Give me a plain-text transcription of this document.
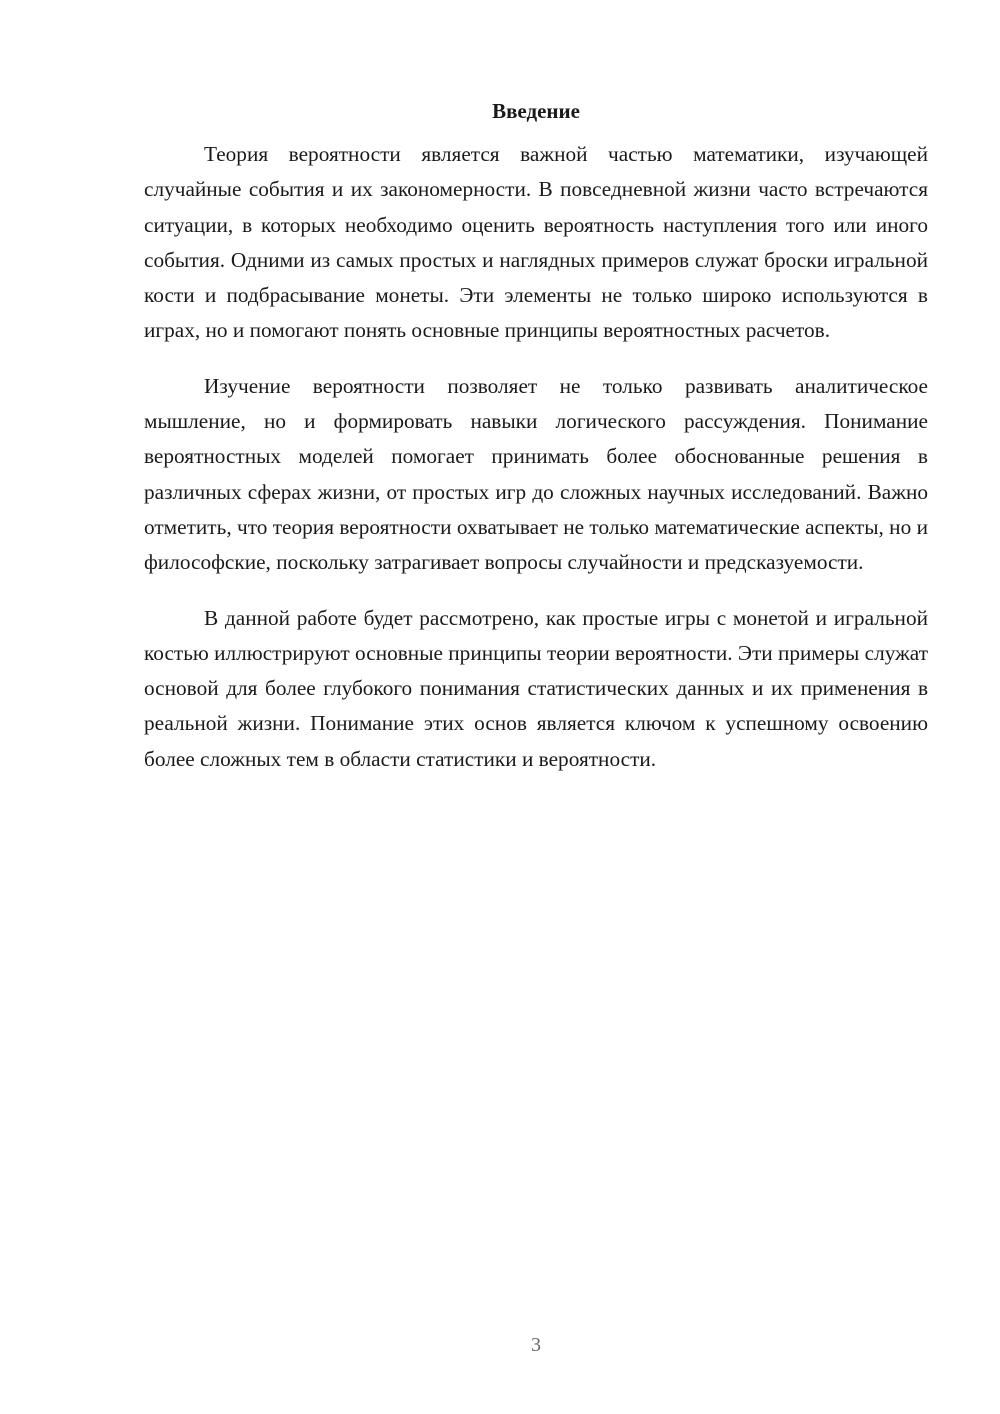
Введение

Теория вероятности является важной частью математики, изучающей случайные события и их закономерности. В повседневной жизни часто встречаются ситуации, в которых необходимо оценить вероятность наступления того или иного события. Одними из самых простых и наглядных примеров служат броски игральной кости и подбрасывание монеты. Эти элементы не только широко используются в играх, но и помогают понять основные принципы вероятностных расчетов.

Изучение вероятности позволяет не только развивать аналитическое мышление, но и формировать навыки логического рассуждения. Понимание вероятностных моделей помогает принимать более обоснованные решения в различных сферах жизни, от простых игр до сложных научных исследований. Важно отметить, что теория вероятности охватывает не только математические аспекты, но и философские, поскольку затрагивает вопросы случайности и предсказуемости.

В данной работе будет рассмотрено, как простые игры с монетой и игральной костью иллюстрируют основные принципы теории вероятности. Эти примеры служат основой для более глубокого понимания статистических данных и их применения в реальной жизни. Понимание этих основ является ключом к успешному освоению более сложных тем в области статистики и вероятности.

3
